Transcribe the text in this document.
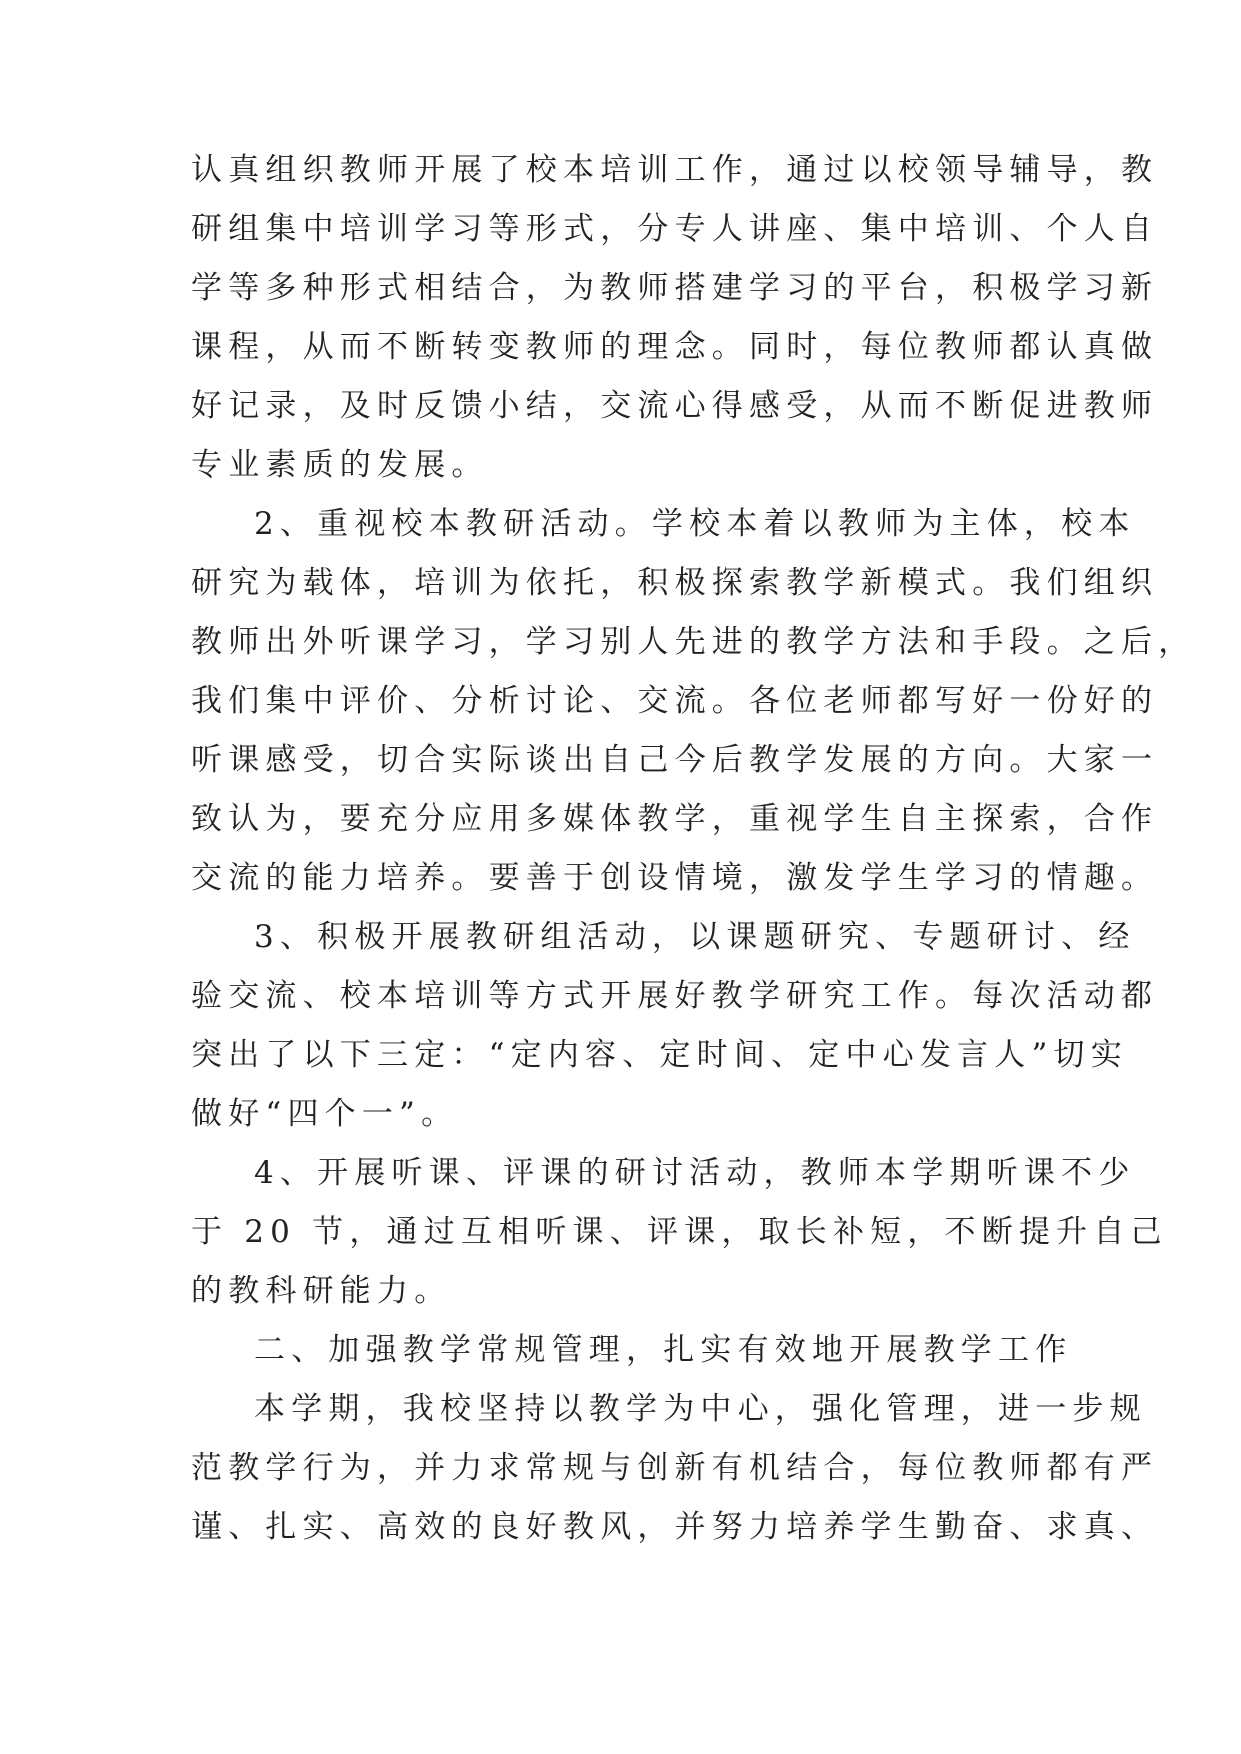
认真组织教师开展了校本培训工作，通过以校领导辅导，教
研组集中培训学习等形式，分专人讲座、集中培训、个人自
学等多种形式相结合，为教师搭建学习的平台，积极学习新
课程，从而不断转变教师的理念。同时，每位教师都认真做
好记录，及时反馈小结，交流心得感受，从而不断促进教师
专业素质的发展。
2、重视校本教研活动。学校本着以教师为主体，校本
研究为载体，培训为依托，积极探索教学新模式。我们组织
教师出外听课学习，学习别人先进的教学方法和手段。之后，
我们集中评价、分析讨论、交流。各位老师都写好一份好的
听课感受，切合实际谈出自己今后教学发展的方向。大家一
致认为，要充分应用多媒体教学，重视学生自主探索，合作
交流的能力培养。要善于创设情境，激发学生学习的情趣。
3、积极开展教研组活动，以课题研究、专题研讨、经
验交流、校本培训等方式开展好教学研究工作。每次活动都
突出了以下三定：“定内容、定时间、定中心发言人”切实
做好“四个一”。
4、开展听课、评课的研讨活动，教师本学期听课不少
于 20 节，通过互相听课、评课，取长补短，不断提升自己
的教科研能力。
二、加强教学常规管理，扎实有效地开展教学工作
本学期，我校坚持以教学为中心，强化管理，进一步规
范教学行为，并力求常规与创新有机结合，每位教师都有严
谨、扎实、高效的良好教风，并努力培养学生勤奋、求真、
